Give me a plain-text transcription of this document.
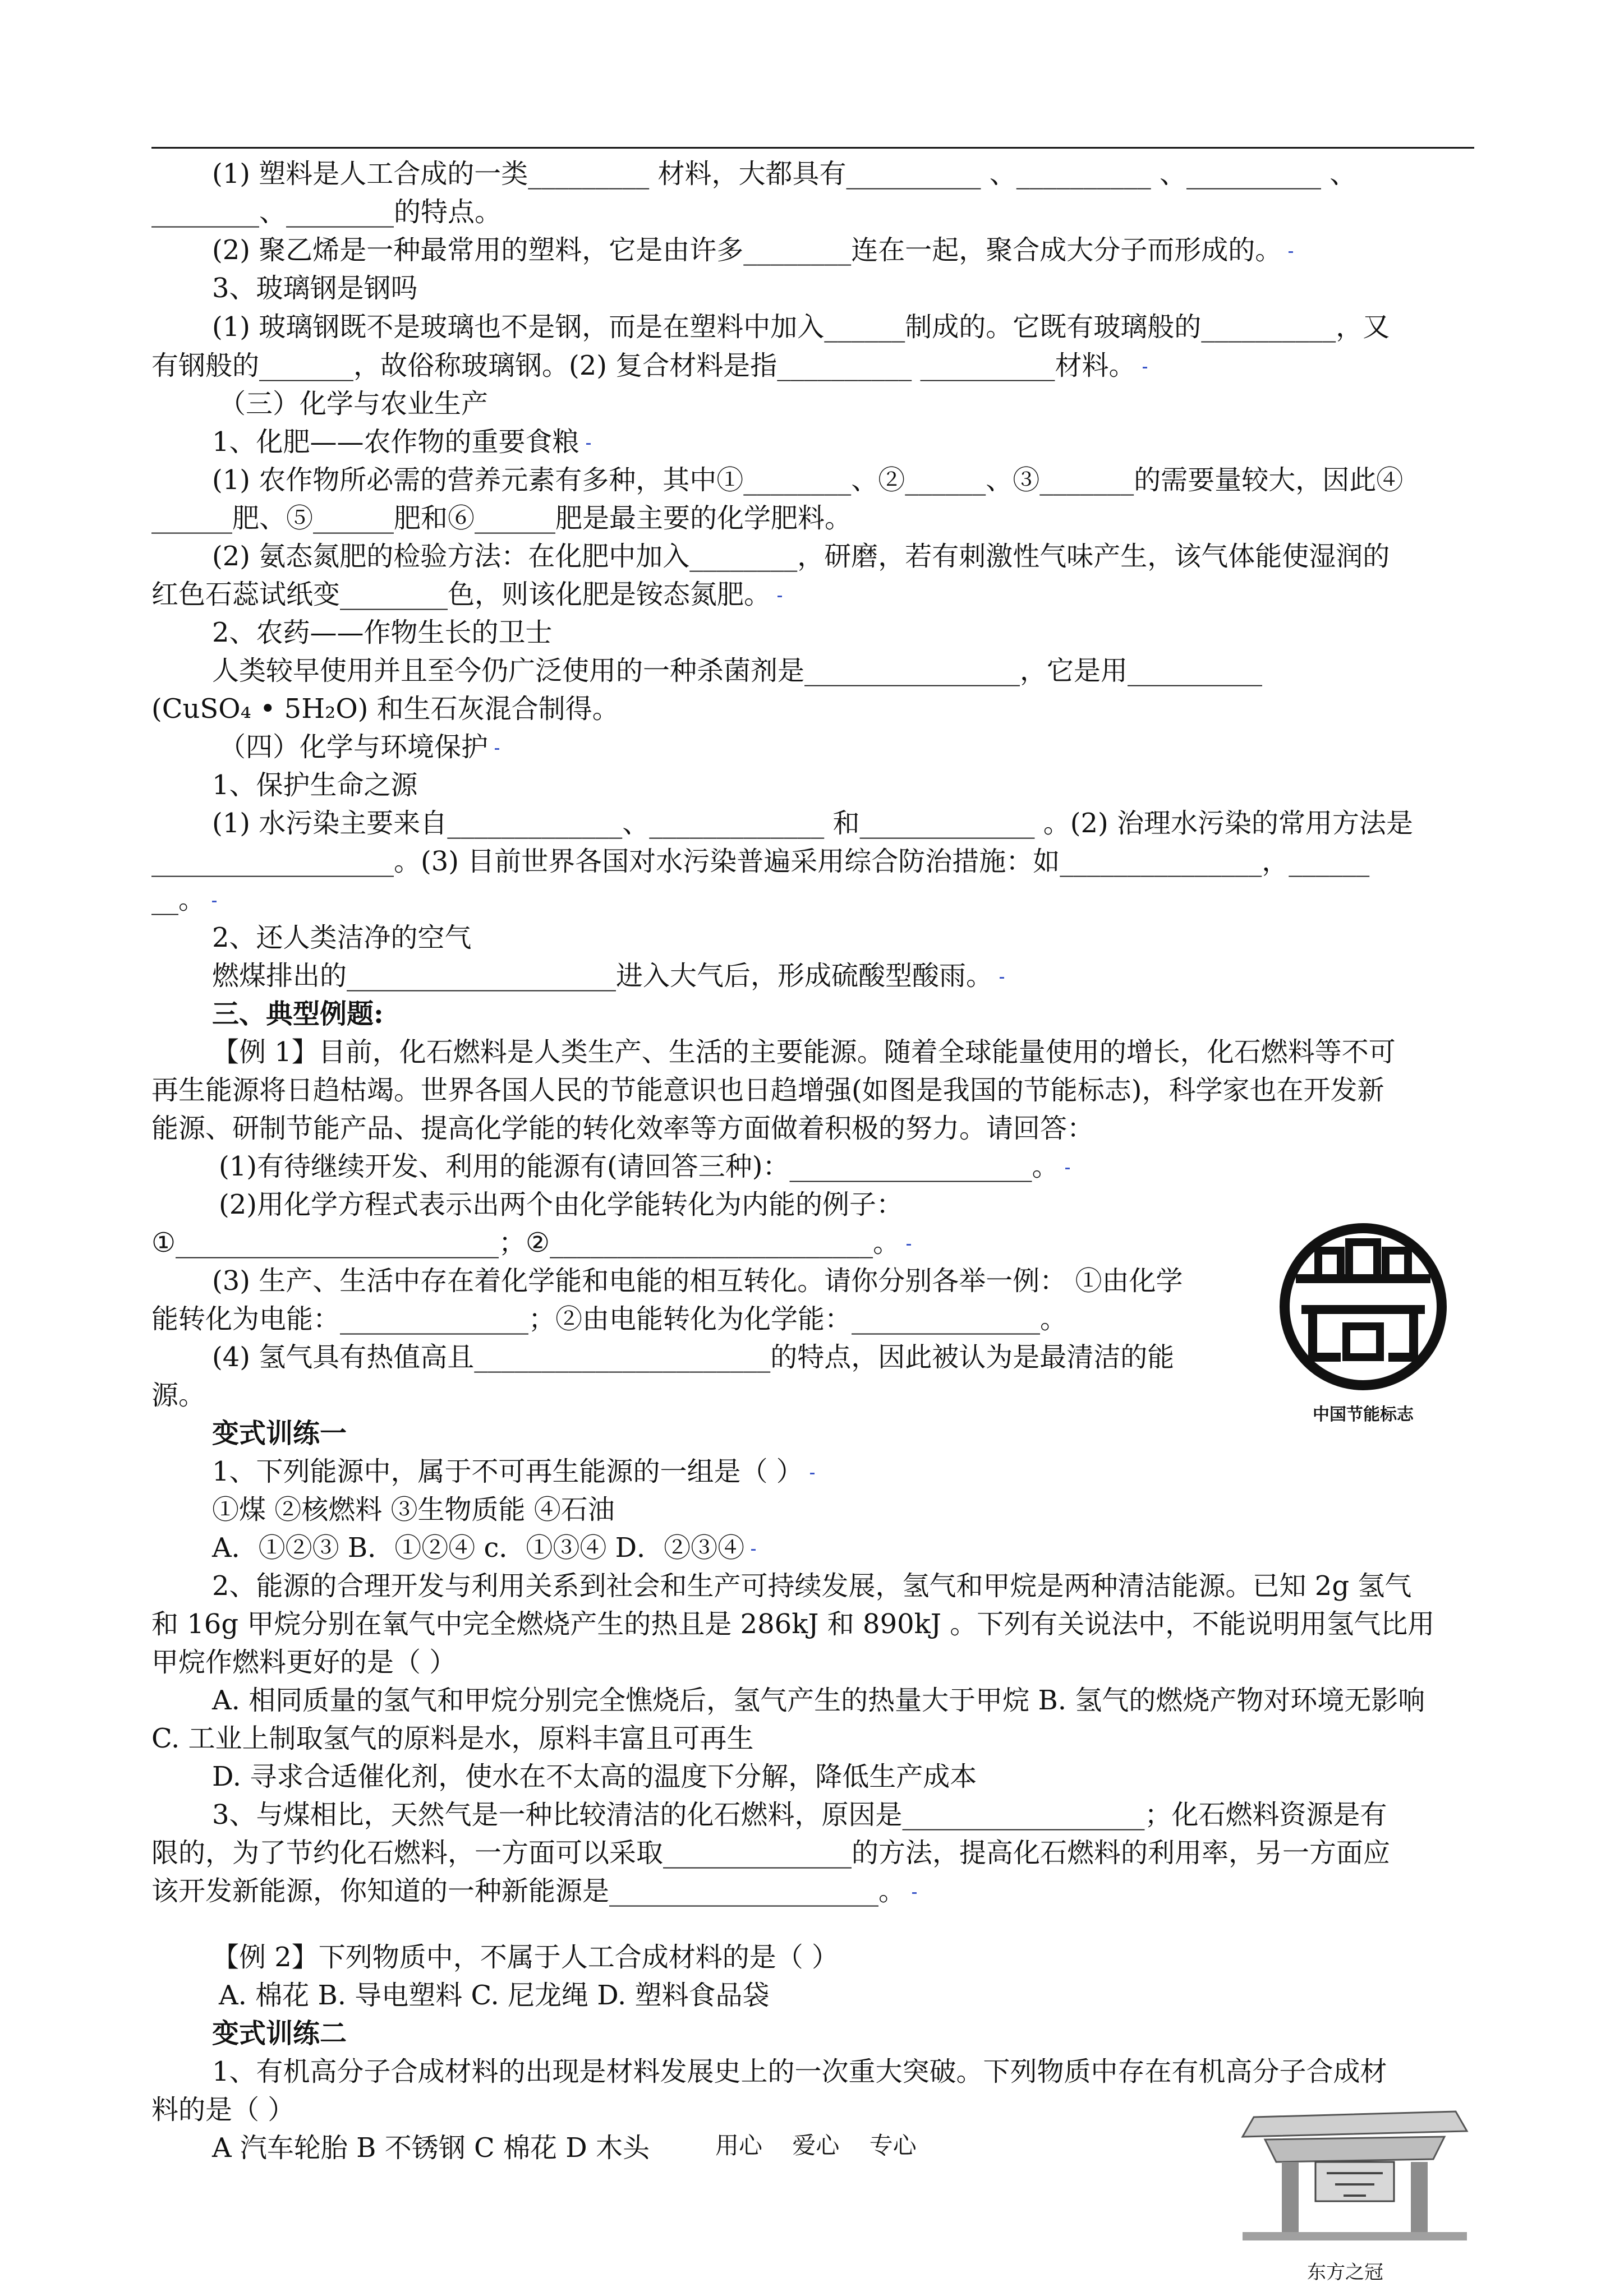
(1) 塑料是人工合成的一类_________ 材料，大都具有__________ 、__________ 、__________ 、
________、________的特点。
(2) 聚乙烯是一种最常用的塑料，它是由许多________连在一起，聚合成大分子而形成的。
3、玻璃钢是钢吗
(1) 玻璃钢既不是玻璃也不是钢，而是在塑料中加入______制成的。它既有玻璃般的__________，又
有钢般的_______，故俗称玻璃钢。(2) 复合材料是指__________ __________材料。
（三）化学与农业生产
1、化肥——农作物的重要食粮
(1) 农作物所必需的营养元素有多种，其中①________、②______、③_______的需要量较大，因此④
______肥、⑤______肥和⑥______肥是最主要的化学肥料。
(2) 氨态氮肥的检验方法：在化肥中加入________，研磨，若有刺激性气味产生，该气体能使湿润的
红色石蕊试纸变________色，则该化肥是铵态氮肥。
2、农药——作物生长的卫士
人类较早使用并且至今仍广泛使用的一种杀菌剂是________________，它是用__________
(CuSO₄ • 5H₂O) 和生石灰混合制得。
（四）化学与环境保护
1、保护生命之源
(1) 水污染主要来自_____________、_____________ 和_____________ 。(2) 治理水污染的常用方法是
__________________。(3) 目前世界各国对水污染普遍采用综合防治措施：如_______________，______
__。
2、还人类洁净的空气
燃煤排出的____________________进入大气后，形成硫酸型酸雨。
三、典型例题:
【例 1】目前，化石燃料是人类生产、生活的主要能源。随着全球能量使用的增长，化石燃料等不可
再生能源将日趋枯竭。世界各国人民的节能意识也日趋增强(如图是我国的节能标志)，科学家也在开发新
能源、研制节能产品、提高化学能的转化效率等方面做着积极的努力。请回答：
(1)有待继续开发、利用的能源有(请回答三种)：__________________。
(2)用化学方程式表示出两个由化学能转化为内能的例子：
①________________________；②________________________。
(3) 生产、生活中存在着化学能和电能的相互转化。请你分别各举一例： ①由化学
能转化为电能：______________；②由电能转化为化学能：______________。
(4) 氢气具有热值高且______________________的特点，因此被认为是最清洁的能
源。
变式训练一
1、下列能源中，属于不可再生能源的一组是（ ）
①煤 ②核燃料 ③生物质能 ④石油
A．①②③ B．①②④ c．①③④ D．②③④
2、能源的合理开发与利用关系到社会和生产可持续发展，氢气和甲烷是两种清洁能源。已知 2g 氢气
和 16g 甲烷分别在氧气中完全燃烧产生的热且是 286kJ 和 890kJ 。下列有关说法中，不能说明用氢气比用
甲烷作燃料更好的是（ ）
A. 相同质量的氢气和甲烷分别完全憔烧后，氢气产生的热量大于甲烷 B. 氢气的燃烧产物对环境无影响
C. 工业上制取氢气的原料是水，原料丰富且可再生
D. 寻求合适催化剂，使水在不太高的温度下分解，降低生产成本
3、与煤相比，天然气是一种比较清洁的化石燃料，原因是__________________；化石燃料资源是有
限的，为了节约化石燃料，一方面可以采取______________的方法，提高化石燃料的利用率，另一方面应
该开发新能源，你知道的一种新能源是____________________。
【例 2】下列物质中，不属于人工合成材料的是（ ）
A. 棉花 B. 导电塑料 C. 尼龙绳 D. 塑料食品袋
变式训练二
1、有机高分子合成材料的出现是材料发展史上的一次重大突破。下列物质中存在有机高分子合成材
料的是（ ）
A 汽车轮胎 B 不锈钢 C 棉花 D 木头
中国节能标志
用心    爱心    专心
东方之冠
